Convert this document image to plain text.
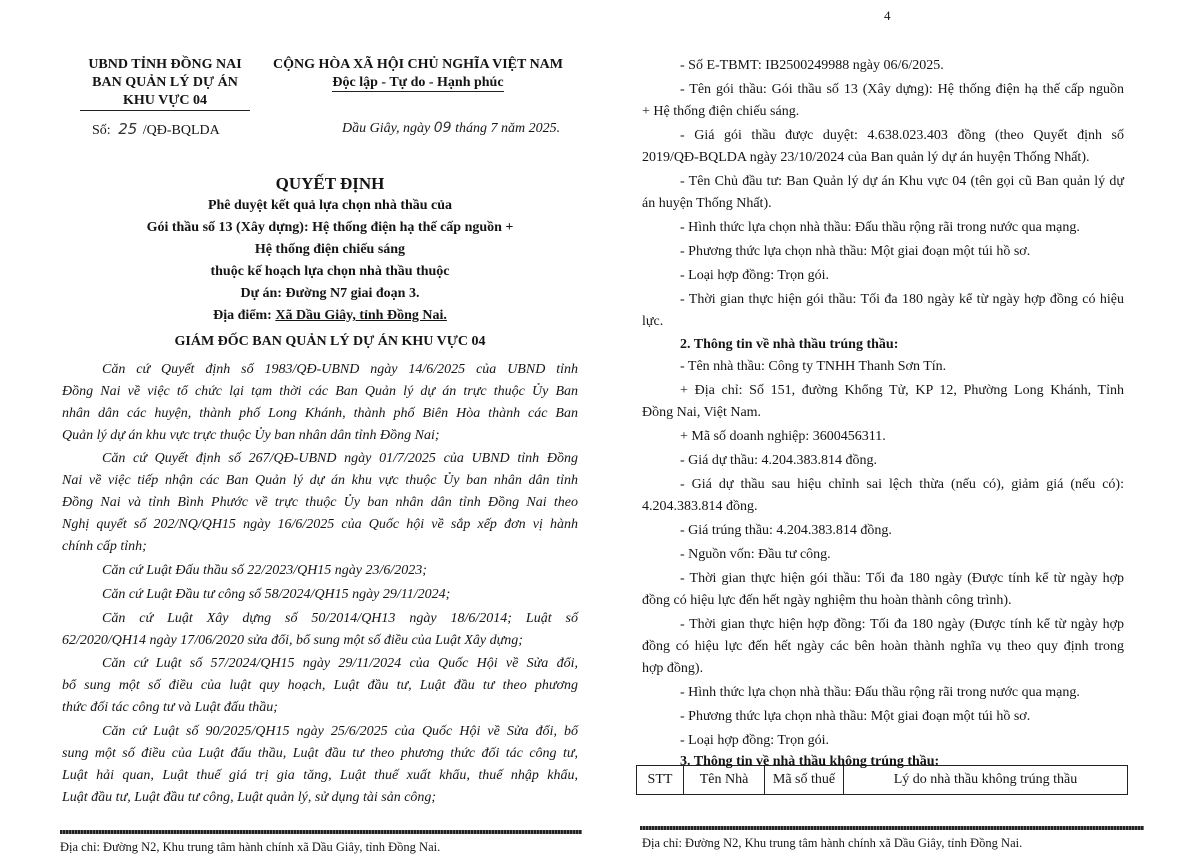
UBND TỈNH ĐỒNG NAI
BAN QUẢN LÝ DỰ ÁN
KHU VỰC 04
CỘNG HÒA XÃ HỘI CHỦ NGHĨA VIỆT NAM
Độc lập - Tự do - Hạnh phúc
Số: 25 /QĐ-BQLDA	Dầu Giây, ngày 09 tháng 7 năm 2025.
QUYẾT ĐỊNH
Phê duyệt kết quả lựa chọn nhà thầu của
Gói thầu số 13 (Xây dựng): Hệ thống điện hạ thế cấp nguồn +
Hệ thống điện chiếu sáng
thuộc kế hoạch lựa chọn nhà thầu thuộc
Dự án: Đường N7 giai đoạn 3.
Địa điểm: Xã Dầu Giây, tỉnh Đồng Nai.
GIÁM ĐỐC BAN QUẢN LÝ DỰ ÁN KHU VỰC 04
Căn cứ Quyết định số 1983/QĐ-UBND ngày 14/6/2025 của UBND tỉnh
Đồng Nai về việc tổ chức lại tạm thời các Ban Quản lý dự án trực thuộc Ủy Ban
nhân dân các huyện, thành phố Long Khánh, thành phố Biên Hòa thành các Ban
Quản lý dự án khu vực trực thuộc Ủy ban nhân dân tỉnh Đồng Nai;
Căn cứ Quyết định số 267/QĐ-UBND ngày 01/7/2025 của UBND tỉnh Đồng
Nai về việc tiếp nhận các Ban Quản lý dự án khu vực thuộc Ủy ban nhân dân tỉnh
Đồng Nai và tỉnh Bình Phước về trực thuộc Ủy ban nhân dân tỉnh Đồng Nai theo
Nghị quyết số 202/NQ/QH15 ngày 16/6/2025 của Quốc hội về sắp xếp đơn vị hành
chính cấp tỉnh;
Căn cứ Luật Đấu thầu số 22/2023/QH15 ngày 23/6/2023;
Căn cứ Luật Đầu tư công số 58/2024/QH15 ngày 29/11/2024;
Căn cứ Luật Xây dựng số 50/2014/QH13 ngày 18/6/2014; Luật số
62/2020/QH14 ngày 17/06/2020 sửa đổi, bổ sung một số điều của Luật Xây dựng;
Căn cứ Luật số 57/2024/QH15 ngày 29/11/2024 của Quốc Hội về Sửa đổi,
bổ sung một số điều của luật quy hoạch, Luật đầu tư, Luật đầu tư theo phương
thức đối tác công tư và Luật đấu thầu;
Căn cứ Luật số 90/2025/QH15 ngày 25/6/2025 của Quốc Hội về Sửa đổi, bổ
sung một số điều của Luật đấu thầu, Luật đầu tư theo phương thức đối tác công tư,
Luật hải quan, Luật thuế giá trị gia tăng, Luật thuế xuất khẩu, thuế nhập khẩu,
Luật đầu tư, Luật đầu tư công, Luật quản lý, sử dụng tài sản công;
Địa chỉ: Đường N2, Khu trung tâm hành chính xã Dầu Giây, tỉnh Đồng Nai.
4
- Số E-TBMT: IB2500249988 ngày 06/6/2025.
- Tên gói thầu: Gói thầu số 13 (Xây dựng): Hệ thống điện hạ thế cấp nguồn
+ Hệ thống điện chiếu sáng.
- Giá gói thầu được duyệt: 4.638.023.403 đồng (theo Quyết định số
2019/QĐ-BQLDA ngày 23/10/2024 của Ban quản lý dự án huyện Thống Nhất).
- Tên Chủ đầu tư: Ban Quản lý dự án Khu vực 04 (tên gọi cũ Ban quản lý dự
án huyện Thống Nhất).
- Hình thức lựa chọn nhà thầu: Đấu thầu rộng rãi trong nước qua mạng.
- Phương thức lựa chọn nhà thầu: Một giai đoạn một túi hồ sơ.
- Loại hợp đồng: Trọn gói.
- Thời gian thực hiện gói thầu: Tối đa 180 ngày kể từ ngày hợp đồng có hiệu
lực.
2. Thông tin về nhà thầu trúng thầu:
- Tên nhà thầu: Công ty TNHH Thanh Sơn Tín.
+ Địa chỉ: Số 151, đường Khổng Tử, KP 12, Phường Long Khánh, Tỉnh
Đồng Nai, Việt Nam.
+ Mã số doanh nghiệp: 3600456311.
- Giá dự thầu: 4.204.383.814 đồng.
- Giá dự thầu sau hiệu chỉnh sai lệch thừa (nếu có), giảm giá (nếu có):
4.204.383.814 đồng.
- Giá trúng thầu: 4.204.383.814 đồng.
- Nguồn vốn: Đầu tư công.
- Thời gian thực hiện gói thầu: Tối đa 180 ngày (Được tính kể từ ngày hợp
đồng có hiệu lực đến hết ngày nghiệm thu hoàn thành công trình).
- Thời gian thực hiện hợp đồng: Tối đa 180 ngày (Được tính kể từ ngày hợp
đồng có hiệu lực đến hết ngày các bên hoàn thành nghĩa vụ theo quy định trong
hợp đồng).
- Hình thức lựa chọn nhà thầu: Đấu thầu rộng rãi trong nước qua mạng.
- Phương thức lựa chọn nhà thầu: Một giai đoạn một túi hồ sơ.
- Loại hợp đồng: Trọn gói.
3. Thông tin về nhà thầu không trúng thầu:
STT	Tên Nhà	Mã số thuế	Lý do nhà thầu không trúng thầu
Địa chỉ: Đường N2, Khu trung tâm hành chính xã Dầu Giây, tỉnh Đồng Nai.
